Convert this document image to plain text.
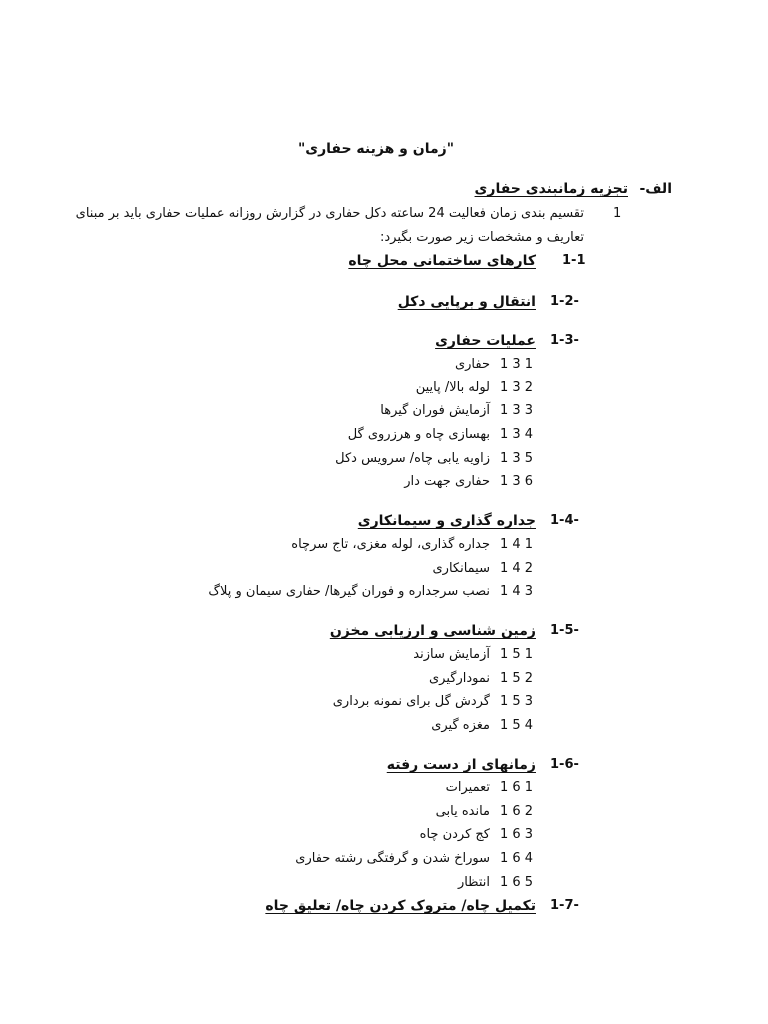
"زمان و هزینه حفاری"
الف-
تجزیه زمانبندی حفاری
1
تقسیم بندی زمان فعالیت 24 ساعته دکل حفاری در گزارش روزانه عملیات حفاری باید بر مبنای
تعاریف و مشخصات زیر صورت بگیرد:
1-1
کارهای ساختمانی محل چاه
1-2-
انتقال و برپایی دکل
1-3-
عملیات حفاری
1 3 1
حفاری
1 3 2
لوله بالا/ پایین
1 3 3
آزمایش فوران گیرها
1 3 4
بهسازی چاه و هرزروی گل
1 3 5
زاویه یابی چاه/ سرویس دکل
1 3 6
حفاری جهت دار
1-4-
جداره گذاری و سیمانکاری
1 4 1
جداره گذاری، لوله مغزی، تاج سرچاه
1 4 2
سیمانکاری
1 4 3
نصب سرجداره و فوران گیرها/ حفاری سیمان و پلاگ
1-5-
زمین شناسی و ارزیابی مخزن
1 5 1
آزمایش سازند
1 5 2
نمودارگیری
1 5 3
گردش گل برای نمونه برداری
1 5 4
مغزه گیری
1-6-
زمانهای از دست رفته
1 6 1
تعمیرات
1 6 2
مانده یابی
1 6 3
کج کردن چاه
1 6 4
سوراخ شدن و گرفتگی رشته حفاری
1 6 5
انتظار
1-7-
تکمیل چاه/ متروک کردن چاه/ تعلیق چاه
